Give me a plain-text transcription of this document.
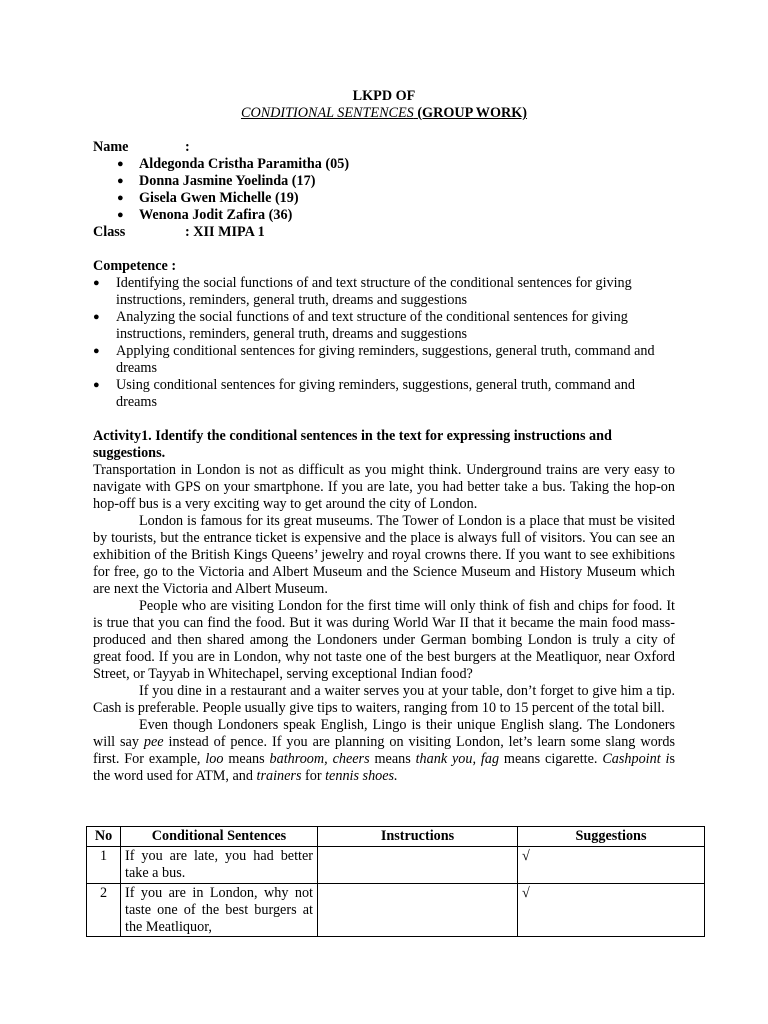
LKPD OF
CONDITIONAL SENTENCES (GROUP WORK)
Name	:
● Aldegonda Cristha Paramitha (05)
● Donna Jasmine Yoelinda (17)
● Gisela Gwen Michelle (19)
● Wenona Jodit Zafira (36)
Class	: XII MIPA 1
Competence :
● Identifying the social functions of and text structure of the conditional sentences for giving instructions, reminders, general truth, dreams and suggestions
● Analyzing the social functions of and text structure of the conditional sentences for giving instructions, reminders, general truth, dreams and suggestions
● Applying conditional sentences for giving reminders, suggestions, general truth, command and dreams
● Using conditional sentences for giving reminders, suggestions, general truth, command and dreams
Activity1. Identify the conditional sentences in the text for expressing instructions and suggestions.

Transportation in London is not as difficult as you might think. Underground trains are very easy to navigate with GPS on your smartphone. If you are late, you had better take a bus. Taking the hop-on hop-off bus is a very exciting way to get around the city of London.

London is famous for its great museums. The Tower of London is a place that must be visited by tourists, but the entrance ticket is expensive and the place is always full of visitors. You can see an exhibition of the British Kings Queens’ jewelry and royal crowns there. If you want to see exhibitions for free, go to the Victoria and Albert Museum and the Science Museum and History Museum which are next the Victoria and Albert Museum.

People who are visiting London for the first time will only think of fish and chips for food. It is true that you can find the food. But it was during World War II that it became the main food mass-produced and then shared among the Londoners under German bombing London is truly a city of great food. If you are in London, why not taste one of the best burgers at the Meatliquor, near Oxford Street, or Tayyab in Whitechapel, serving exceptional Indian food?

If you dine in a restaurant and a waiter serves you at your table, don’t forget to give him a tip. Cash is preferable. People usually give tips to waiters, ranging from 10 to 15 percent of the total bill.

Even though Londoners speak English, Lingo is their unique English slang. The Londoners will say pee instead of pence. If you are planning on visiting London, let’s learn some slang words first. For example, loo means bathroom, cheers means thank you, fag means cigarette. Cashpoint is the word used for ATM, and trainers for tennis shoes.

No	Conditional Sentences	Instructions	Suggestions
1	If you are late, you had better take a bus.		√
2	If you are in London, why not taste one of the best burgers at the Meatliquor,		√
